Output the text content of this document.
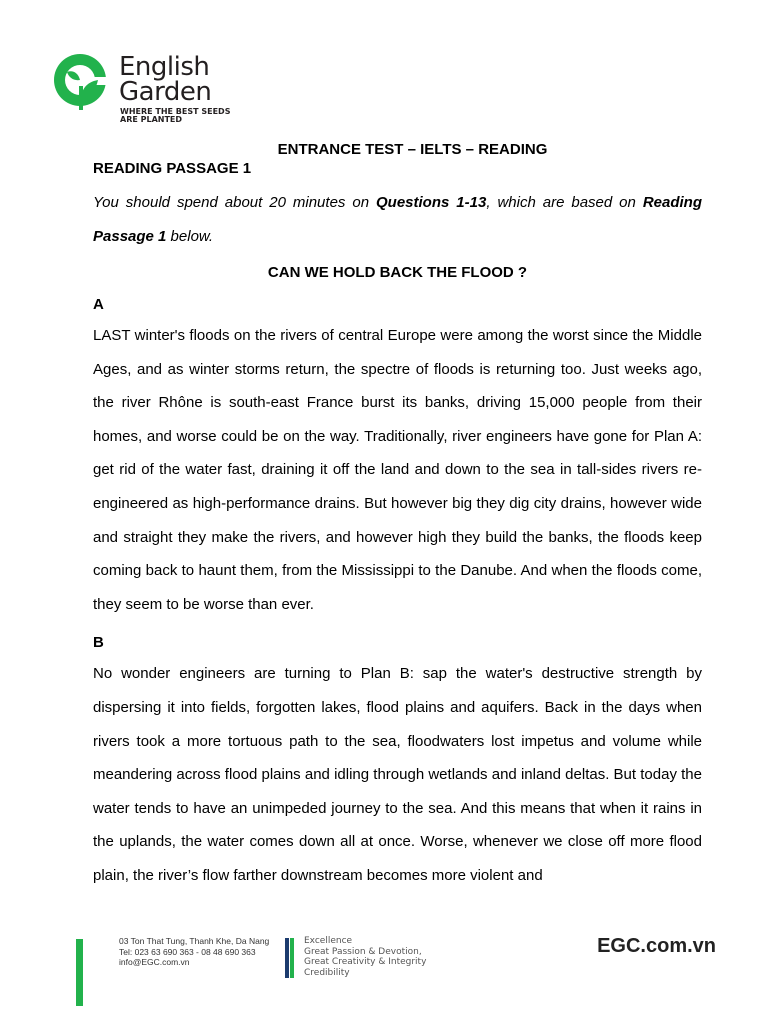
English
Garden
WHERE THE BEST SEEDS
ARE PLANTED
ENTRANCE TEST – IELTS – READING
READING PASSAGE 1
You should spend about 20 minutes on Questions 1-13, which are based on Reading Passage 1 below.
CAN WE HOLD BACK THE FLOOD ?
A
LAST winter's floods on the rivers of central Europe were among the worst since the Middle Ages, and as winter storms return, the spectre of floods is returning too. Just weeks ago, the river Rhône is south-east France burst its banks, driving 15,000 people from their homes, and worse could be on the way. Traditionally, river engineers have gone for Plan A: get rid of the water fast, draining it off the land and down to the sea in tall-sides rivers re-engineered as high-performance drains. But however big they dig city drains, however wide and straight they make the rivers, and however high they build the banks, the floods keep coming back to haunt them, from the Mississippi to the Danube. And when the floods come, they seem to be worse than ever.
B
No wonder engineers are turning to Plan B: sap the water's destructive strength by dispersing it into fields, forgotten lakes, flood plains and aquifers. Back in the days when rivers took a more tortuous path to the sea, floodwaters lost impetus and volume while meandering across flood plains and idling through wetlands and inland deltas. But today the water tends to have an unimpeded journey to the sea. And this means that when it rains in the uplands, the water comes down all at once. Worse, whenever we close off more flood plain, the river’s flow farther downstream becomes more violent and
03 Ton That Tung, Thanh Khe, Da Nang
Tel: 023 63 690 363 - 08 48 690 363
info@EGC.com.vn
Excellence
Great Passion & Devotion,
Great Creativity & Integrity
Credibility
EGC.com.vn
